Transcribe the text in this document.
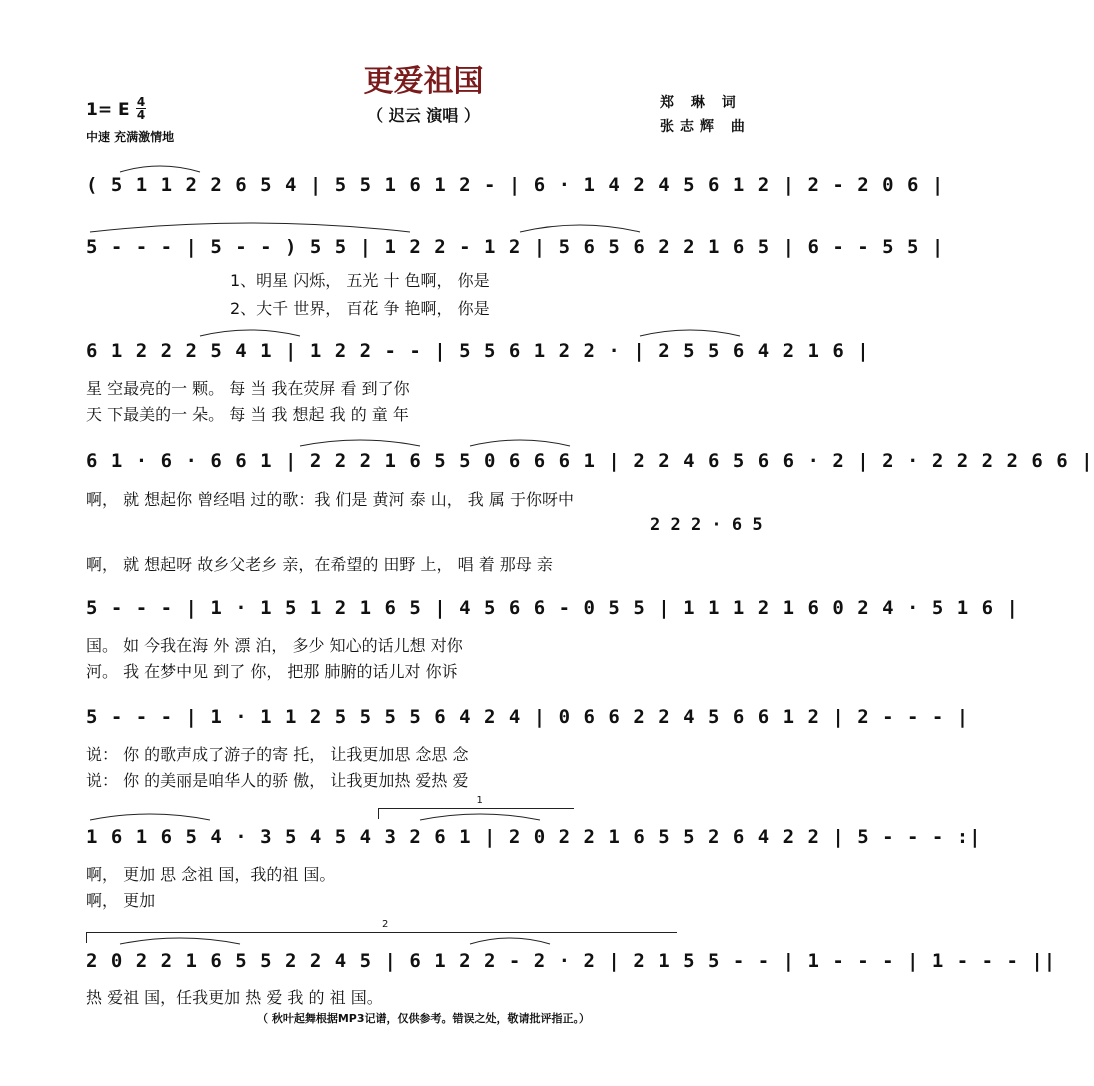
更爱祖国
（ 迟云 演唱 ）
1= E 4
4
中速 充满激情地
郑 琳 词
张志辉 曲
( 5 1 1 2 2 6 5 4 | 5 5 1 6 1 2 - | 6 · 1 4 2 4 5 6 1 2 | 2 - 2 0 6 |
5 - - - | 5 - - ) 5 5 | 1 2 2 - 1 2 | 5 6 5 6 2 2 1 6 5 | 6 - - 5 5 |
1、明星 闪烁， 五光 十 色啊， 你是
2、大千 世界， 百花 争 艳啊， 你是
6 1 2 2 2 5 4 1 | 1 2 2 - - | 5 5 6 1 2 2 · | 2 5 5 6 4 2 1 6 |
星 空最亮的一 颗。 每 当 我在荧屏 看 到了你
天 下最美的一 朵。 每 当 我 想起 我 的 童 年
6 1 · 6 · 6 6 1 | 2 2 2 1 6 5 5 0 6 6 6 1 | 2 2 4 6 5 6 6 · 2 | 2 · 2 2 2 2 6 6 |
啊， 就 想起你 曾经唱 过的歌：我 们是 黄河 泰 山， 我 属 于你呀中
2 2 2 · 6 5
啊， 就 想起呀 故乡父老乡 亲，在希望的 田野 上， 唱 着 那母 亲
5 - - - | 1 · 1 5 1 2 1 6 5 | 4 5 6 6 - 0 5 5 | 1 1 1 2 1 6 0 2 4 · 5 1 6 |
国。 如 今我在海 外 漂 泊， 多少 知心的话儿想 对你
河。 我 在梦中见 到了 你， 把那 肺腑的话儿对 你诉
5 - - - | 1 · 1 1 2 5 5 5 5 6 4 2 4 | 0 6 6 2 2 4 5 6 6 1 2 | 2 - - - |
说： 你 的歌声成了游子的寄 托， 让我更加思 念思 念
说： 你 的美丽是咱华人的骄 傲， 让我更加热 爱热 爱
1
1 6 1 6 5 4 · 3 5 4 5 4 3 2 6 1 | 2 0 2 2 1 6 5 5 2 6 4 2 2 | 5 - - - :|
啊， 更加 思 念祖 国，我的祖 国。
啊， 更加
2
2 0 2 2 1 6 5 5 2 2 4 5 | 6 1 2 2 - 2 · 2 | 2 1 5 5 - - | 1 - - - | 1 - - - ||
热 爱祖 国，任我更加 热 爱 我 的 祖 国。
（ 秋叶起舞根据MP3记谱，仅供参考。错误之处，敬请批评指正。）
